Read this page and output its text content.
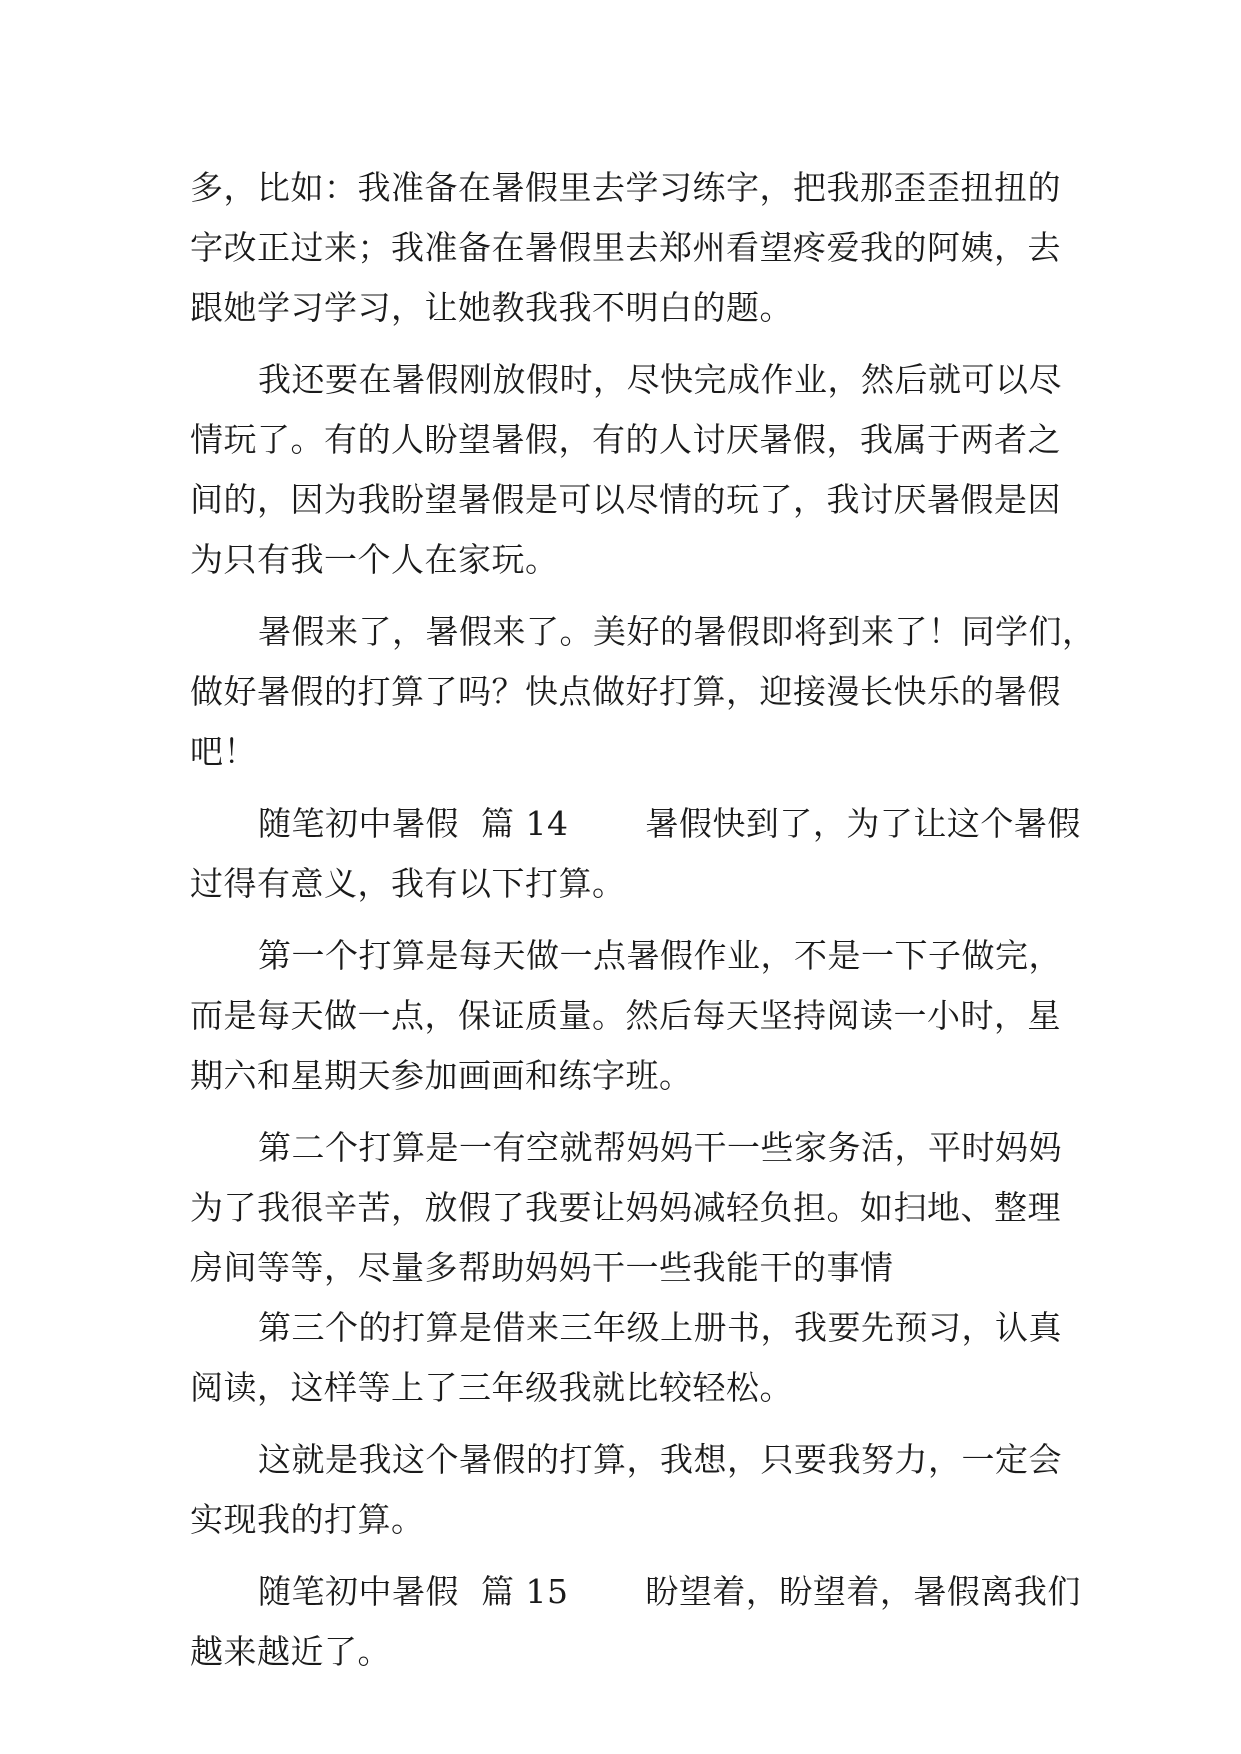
多，比如：我准备在暑假里去学习练字，把我那歪歪扭扭的
字改正过来；我准备在暑假里去郑州看望疼爱我的阿姨，去
跟她学习学习，让她教我我不明白的题。
我还要在暑假刚放假时，尽快完成作业，然后就可以尽
情玩了。有的人盼望暑假，有的人讨厌暑假，我属于两者之
间的，因为我盼望暑假是可以尽情的玩了，我讨厌暑假是因
为只有我一个人在家玩。
暑假来了，暑假来了。美好的暑假即将到来了！同学们，
做好暑假的打算了吗？快点做好打算，迎接漫长快乐的暑假
吧！
随笔初中暑假  篇 14       暑假快到了，为了让这个暑假
过得有意义，我有以下打算。
第一个打算是每天做一点暑假作业，不是一下子做完，
而是每天做一点，保证质量。然后每天坚持阅读一小时，星
期六和星期天参加画画和练字班。
第二个打算是一有空就帮妈妈干一些家务活，平时妈妈
为了我很辛苦，放假了我要让妈妈减轻负担。如扫地、整理
房间等等，尽量多帮助妈妈干一些我能干的事情
第三个的打算是借来三年级上册书，我要先预习，认真
阅读，这样等上了三年级我就比较轻松。
这就是我这个暑假的打算，我想，只要我努力，一定会
实现我的打算。
随笔初中暑假  篇 15       盼望着，盼望着，暑假离我们
越来越近了。
